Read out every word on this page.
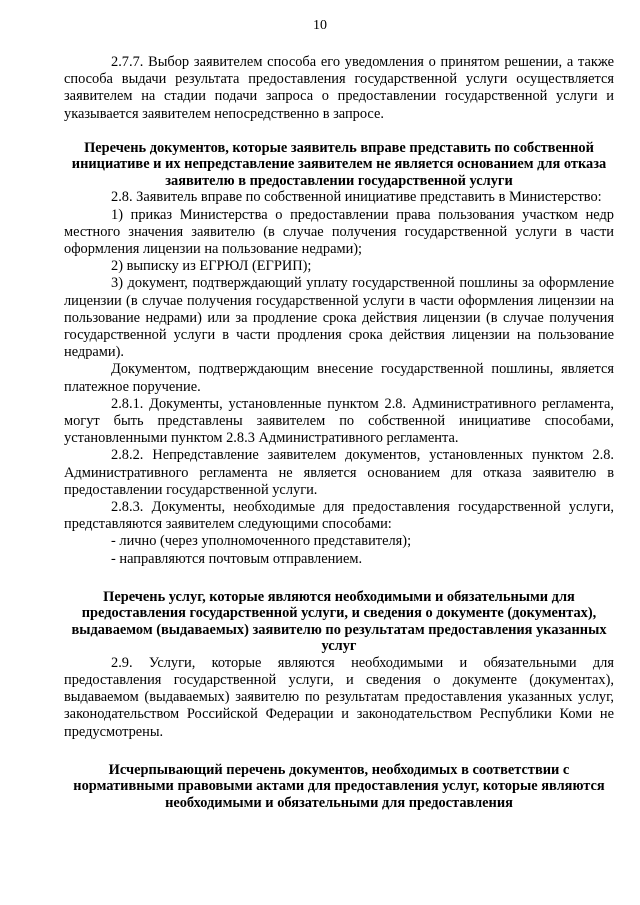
10

2.7.7. Выбор заявителем способа его уведомления о принятом решении, а также способа выдачи результата предоставления государственной услуги осуществляется заявителем на стадии подачи запроса о предоставлении государственной услуги и указывается заявителем непосредственно в запросе.

Перечень документов, которые заявитель вправе представить по собственной инициативе и их непредставление заявителем не является основанием для отказа заявителю в предоставлении государственной услуги

2.8. Заявитель вправе по собственной инициативе представить в Министерство:

1) приказ Министерства о предоставлении права пользования участком недр местного значения заявителю (в случае получения государственной услуги в части оформления лицензии на пользование недрами);

2) выписку из ЕГРЮЛ (ЕГРИП);

3) документ, подтверждающий уплату государственной пошлины за оформление лицензии (в случае получения государственной услуги в части оформления лицензии на пользование недрами) или за продление срока действия лицензии (в случае получения государственной услуги в части продления срока действия лицензии на пользование недрами).

Документом, подтверждающим внесение государственной пошлины, является платежное поручение.

2.8.1. Документы, установленные пунктом 2.8. Административного регламента, могут быть представлены заявителем по собственной инициативе способами, установленными пунктом 2.8.3 Административного регламента.

2.8.2. Непредставление заявителем документов, установленных пунктом 2.8. Административного регламента не является основанием для отказа заявителю в предоставлении государственной услуги.

2.8.3. Документы, необходимые для предоставления государственной услуги, представляются заявителем следующими способами:

- лично (через уполномоченного представителя);

- направляются почтовым отправлением.

Перечень услуг, которые являются необходимыми и обязательными для предоставления государственной услуги, и сведения о документе (документах), выдаваемом (выдаваемых) заявителю по результатам предоставления указанных услуг

2.9. Услуги, которые являются необходимыми и обязательными для предоставления государственной услуги, и сведения о документе (документах), выдаваемом (выдаваемых) заявителю по результатам предоставления указанных услуг, законодательством Российской Федерации и законодательством Республики Коми не предусмотрены.

Исчерпывающий перечень документов, необходимых в соответствии с нормативными правовыми актами для предоставления услуг, которые являются необходимыми и обязательными для предоставления
